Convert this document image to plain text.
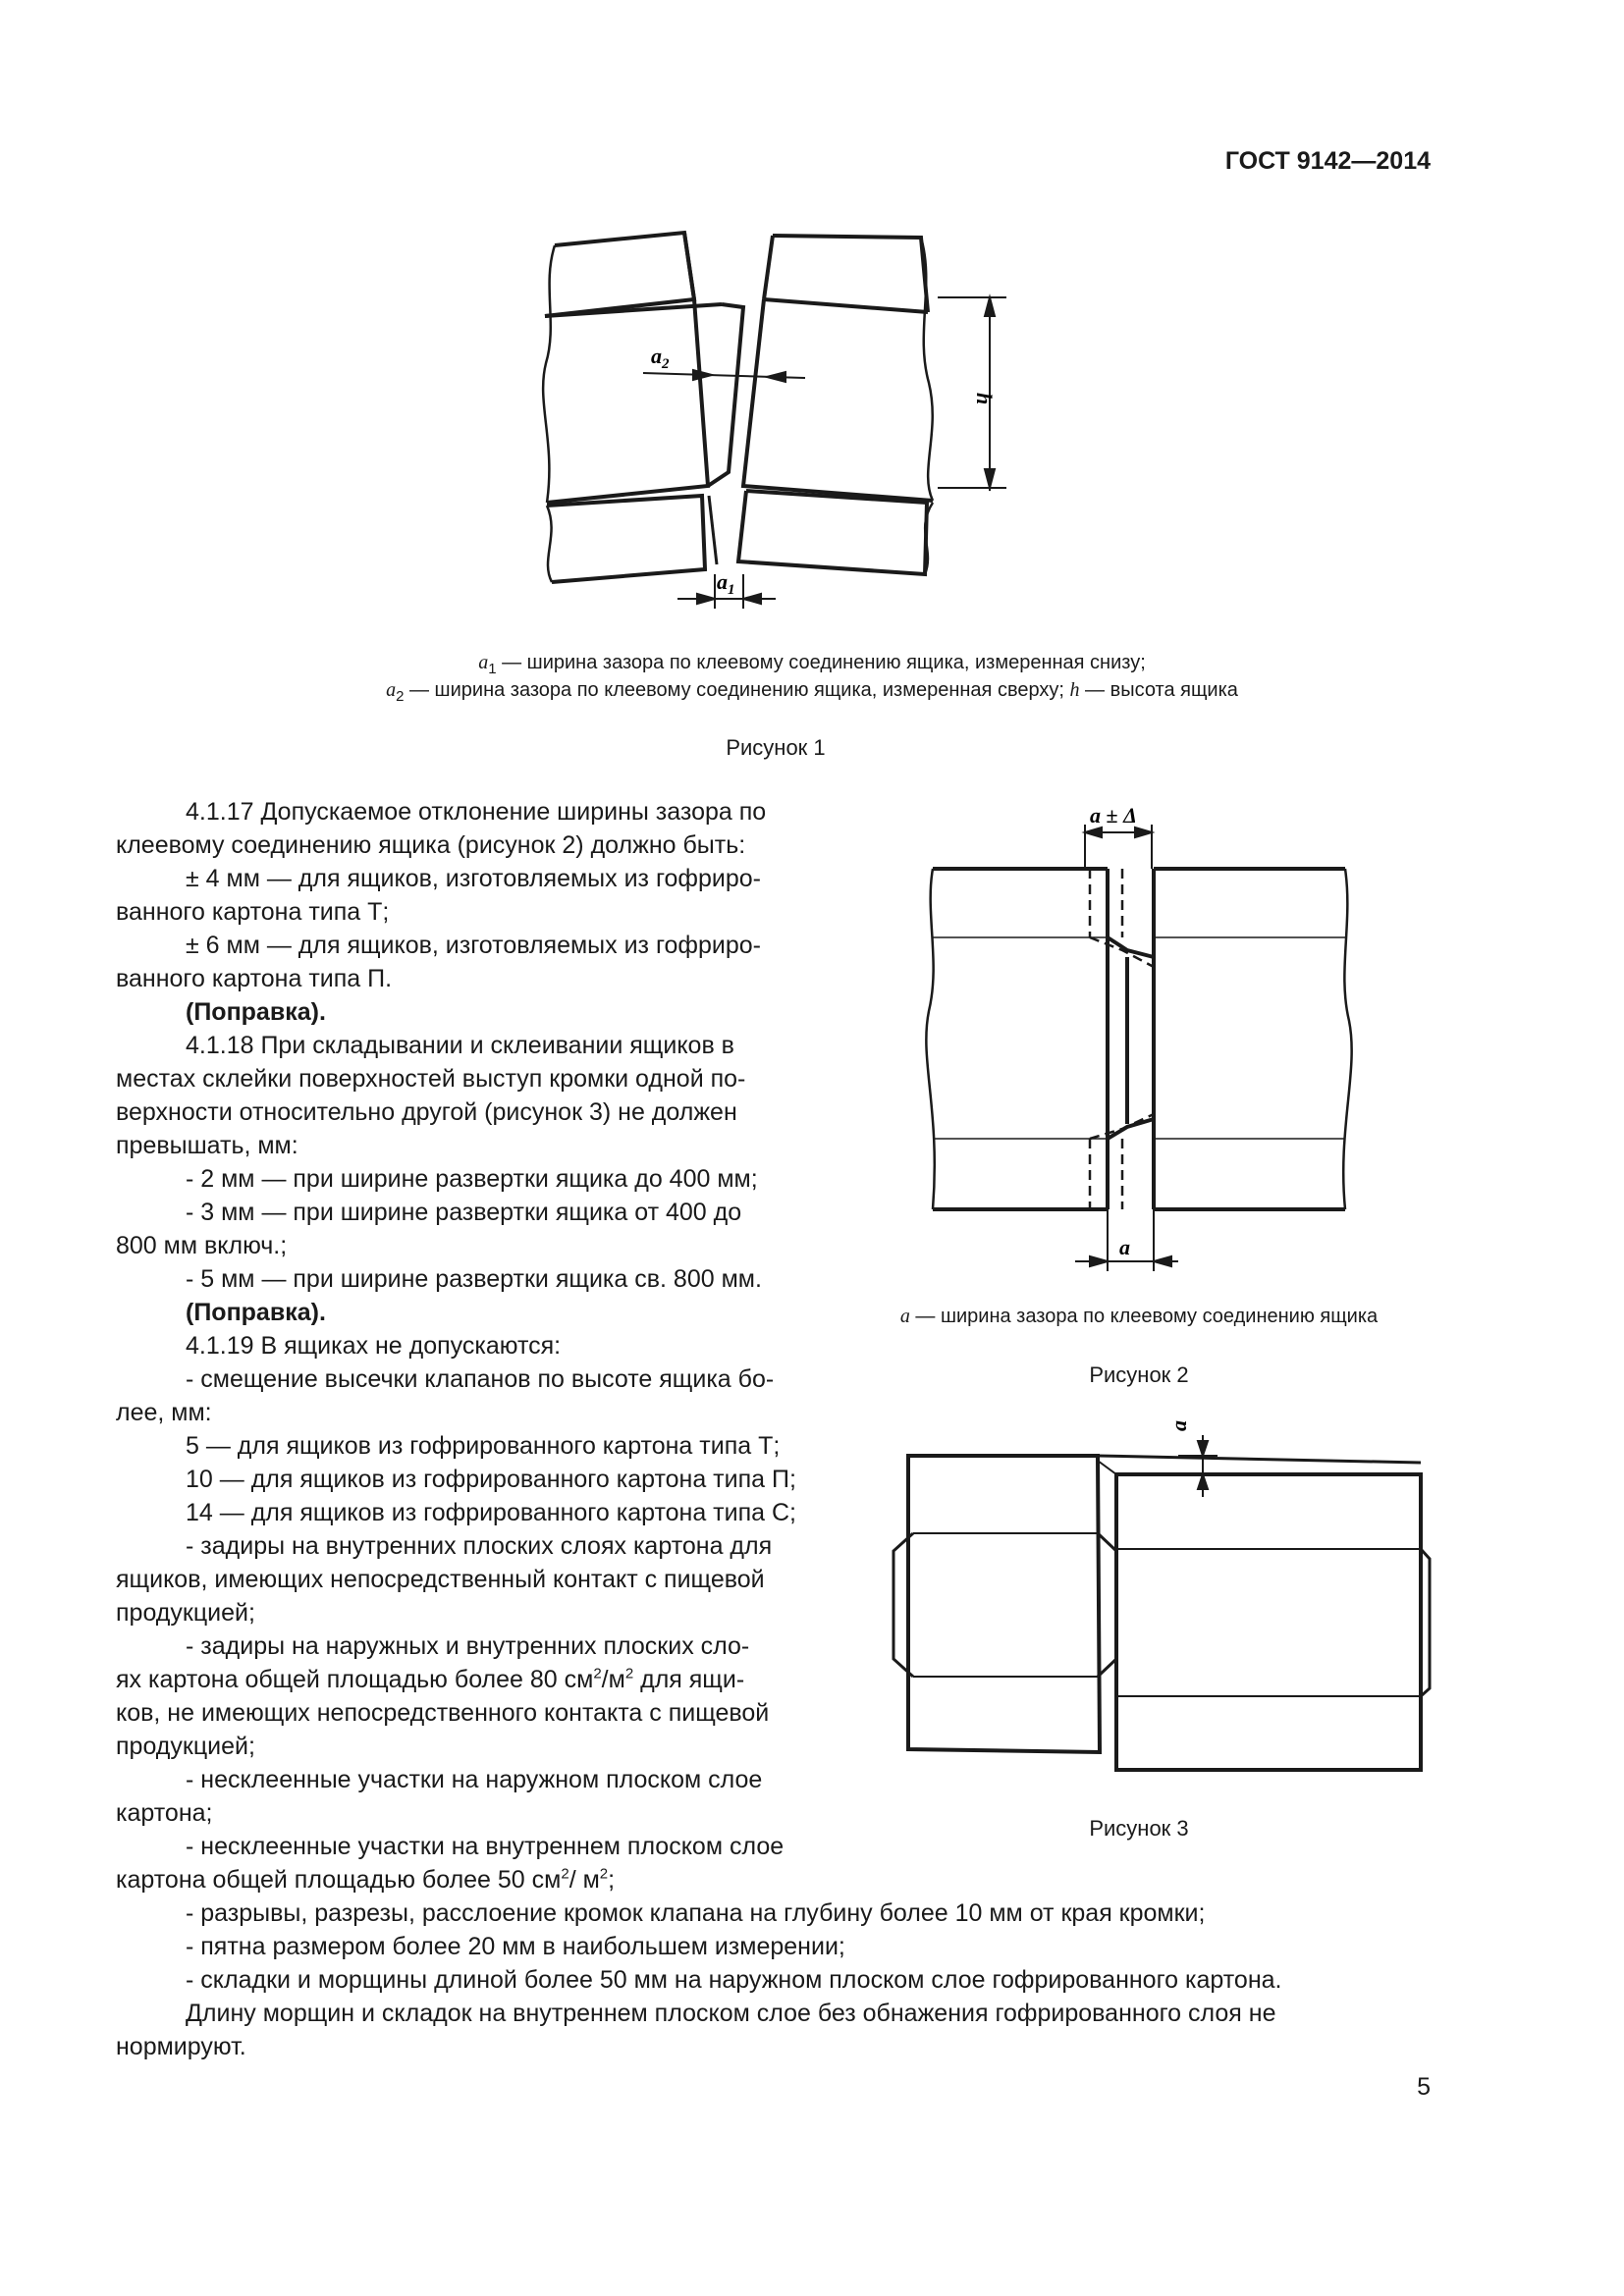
ГОСТ 9142—2014
$a_2$
$a_1$
h
$a_1$ — ширина зазора по клеевому соединению ящика, измеренная снизу;
$a_2$ — ширина зазора по клеевому соединению ящика, измеренная сверху; h — высота ящика
Рисунок 1
a ± Δ
a
a — ширина зазора по клеевому соединению ящика
Рисунок 2
a
Рисунок 3
4.1.17 Допускаемое отклонение ширины зазора по
клеевому соединению ящика (рисунок 2) должно быть:
± 4 мм — для ящиков, изготовляемых из гофриро-
ванного картона типа Т;
± 6 мм — для ящиков, изготовляемых из гофриро-
ванного картона типа П.
(Поправка).
4.1.18 При складывании и склеивании ящиков в
местах склейки поверхностей выступ кромки одной по-
верхности относительно другой (рисунок 3) не должен
превышать, мм:
- 2 мм — при ширине развертки ящика до 400 мм;
- 3 мм — при ширине развертки ящика от 400 до
800 мм включ.;
- 5 мм — при ширине развертки ящика св. 800 мм.
(Поправка).
4.1.19 В ящиках не допускаются:
- смещение высечки клапанов по высоте ящика бо-
лее, мм:
5 — для ящиков из гофрированного картона типа Т;
10 — для ящиков из гофрированного картона типа П;
14 — для ящиков из гофрированного картона типа С;
- задиры на внутренних плоских слоях картона для
ящиков, имеющих непосредственный контакт с пищевой
продукцией;
- задиры на наружных и внутренних плоских сло-
ях картона общей площадью более 80 $см^2/м^2$ для ящи-
ков, не имеющих непосредственного контакта с пищевой
продукцией;
- несклеенные участки на наружном плоском слое
картона;
- несклеенные участки на внутреннем плоском слое
картона общей площадью более 50 $см^2/$ $м^2$;
- разрывы, разрезы, расслоение кромок клапана на глубину более 10 мм от края кромки;
- пятна размером более 20 мм в наибольшем измерении;
- складки и морщины длиной более 50 мм на наружном плоском слое гофрированного картона.
Длину морщин и складок на внутреннем плоском слое без обнажения гофрированного слоя не
нормируют.
5
